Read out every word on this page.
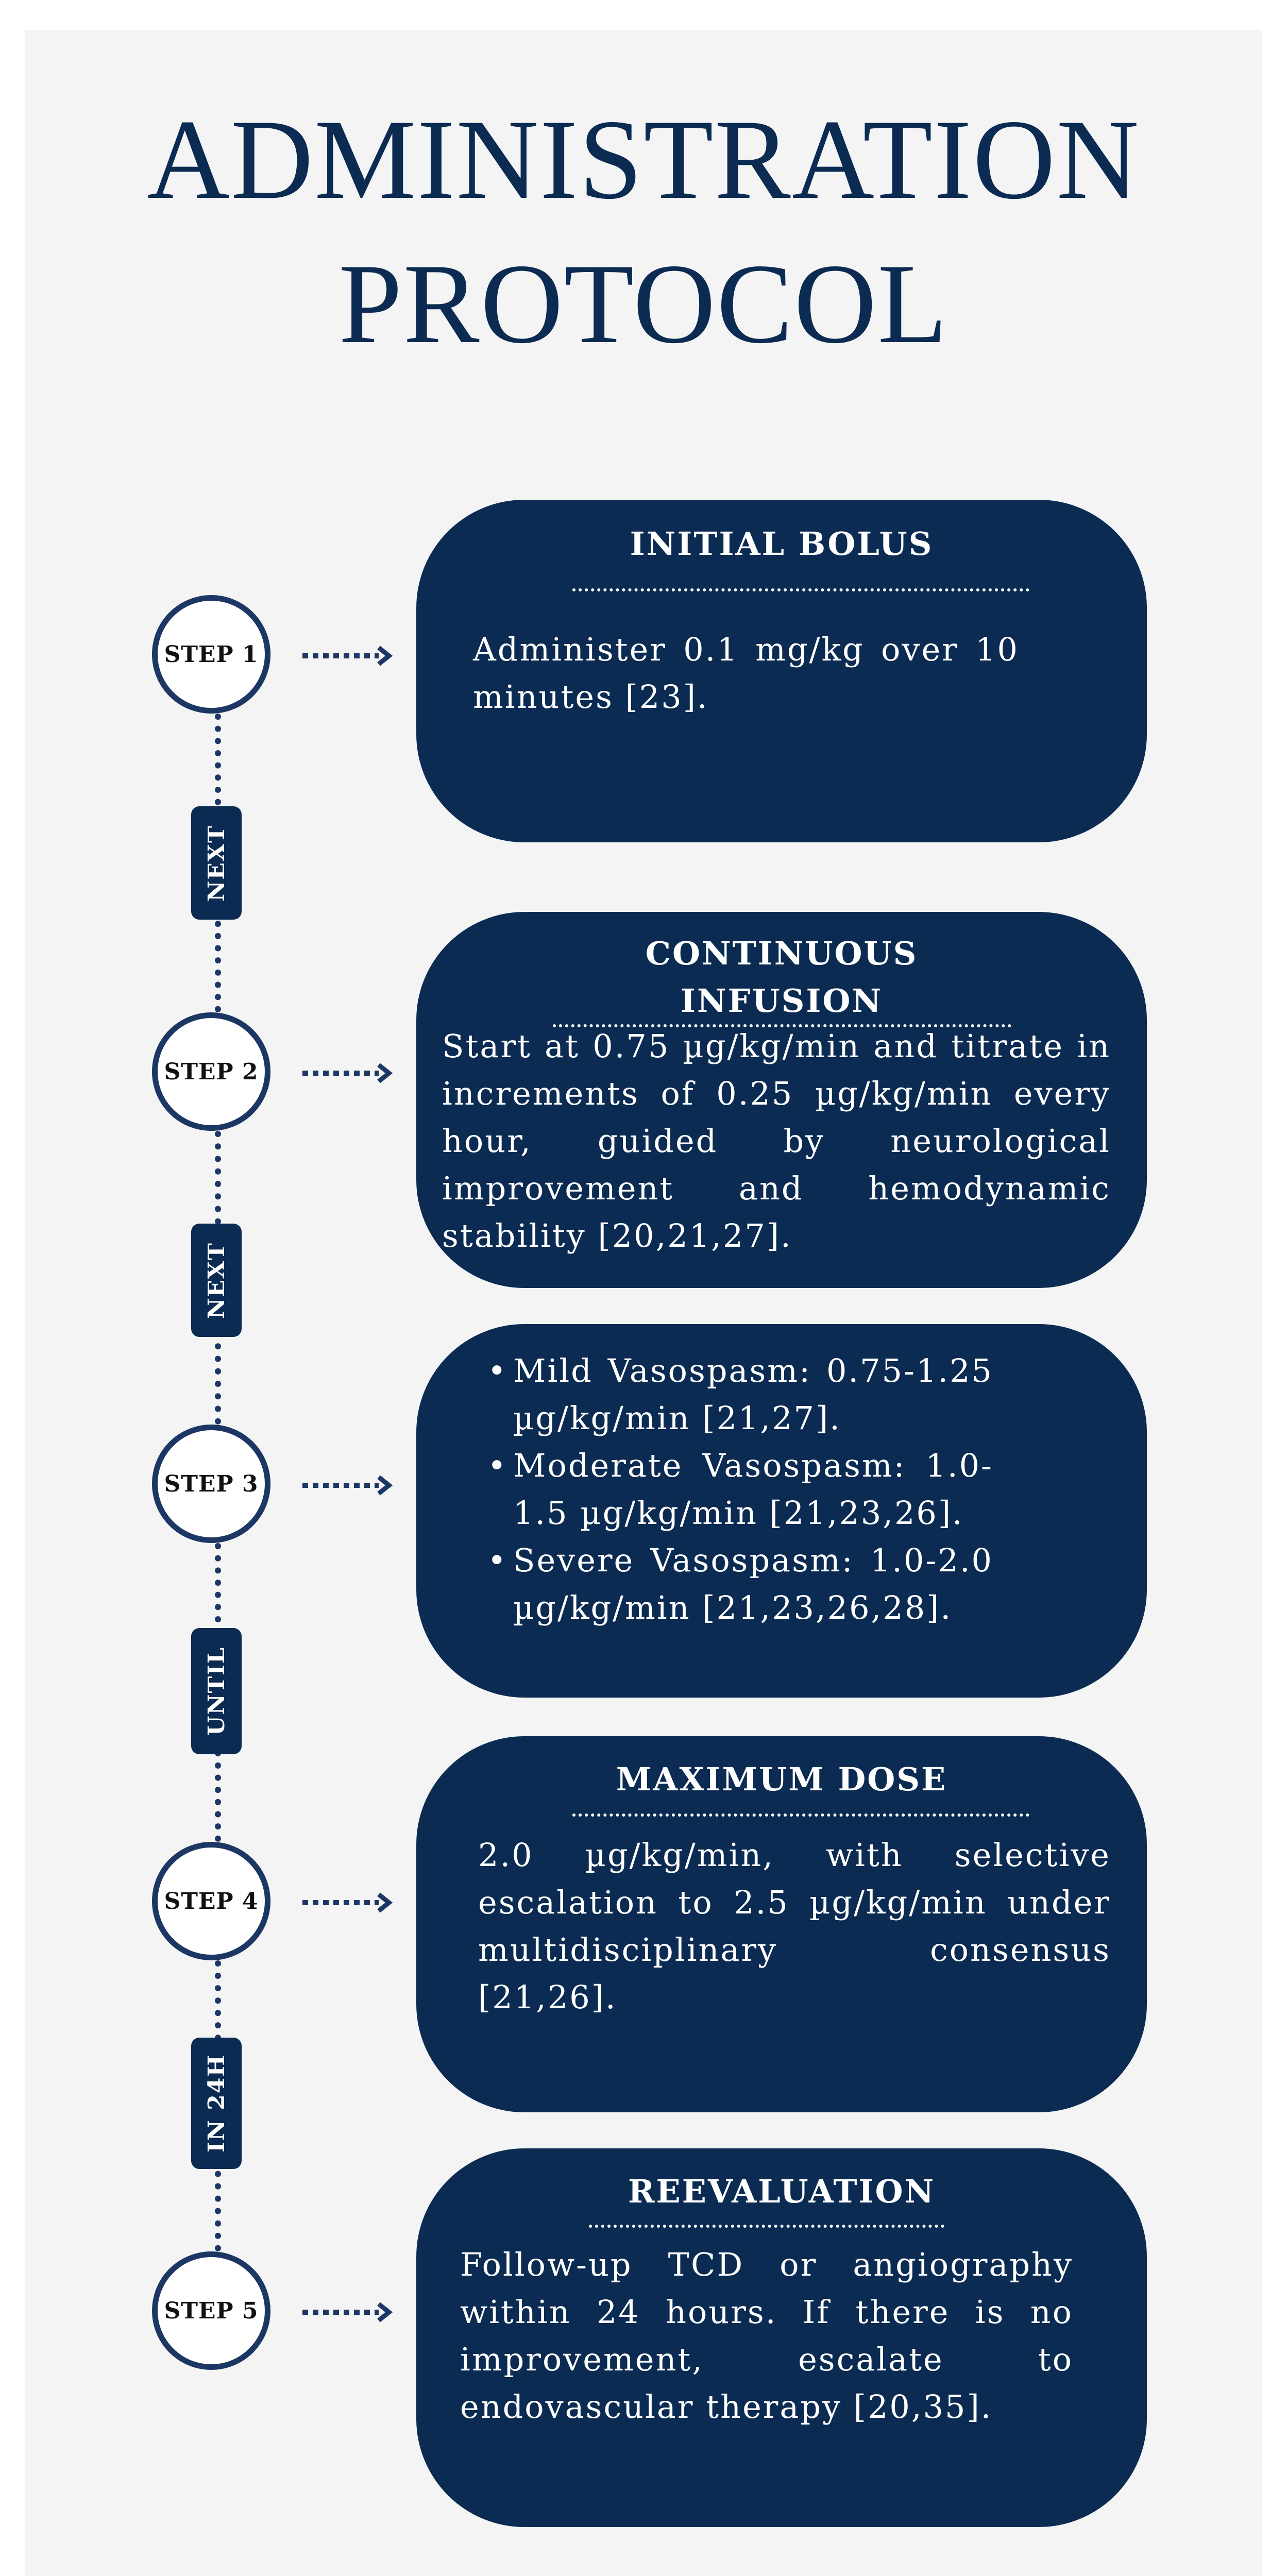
ADMINISTRATION
PROTOCOL
STEP 1
STEP 2
STEP 3
STEP 4
STEP 5
NEXT
NEXT
UNTIL
IN 24H
INITIAL BOLUS

Administer 0.1 mg/kg over 10 minutes [23].

CONTINUOUS INFUSION

Start at 0.75 µg/kg/min and titrate in increments of 0.25 µg/kg/min every hour, guided by neurological improvement and hemodynamic stability [20,21,27].

• Mild Vasospasm: 0.75-1.25 µg/kg/min [21,27].
• Moderate Vasospasm: 1.0-1.5 µg/kg/min [21,23,26].
• Severe Vasospasm: 1.0-2.0 µg/kg/min [21,23,26,28].
MAXIMUM DOSE

2.0 µg/kg/min, with selective escalation to 2.5 µg/kg/min under multidisciplinary consensus [21,26].

REEVALUATION

Follow-up TCD or angiography within 24 hours. If there is no improvement, escalate to endovascular therapy [20,35].
